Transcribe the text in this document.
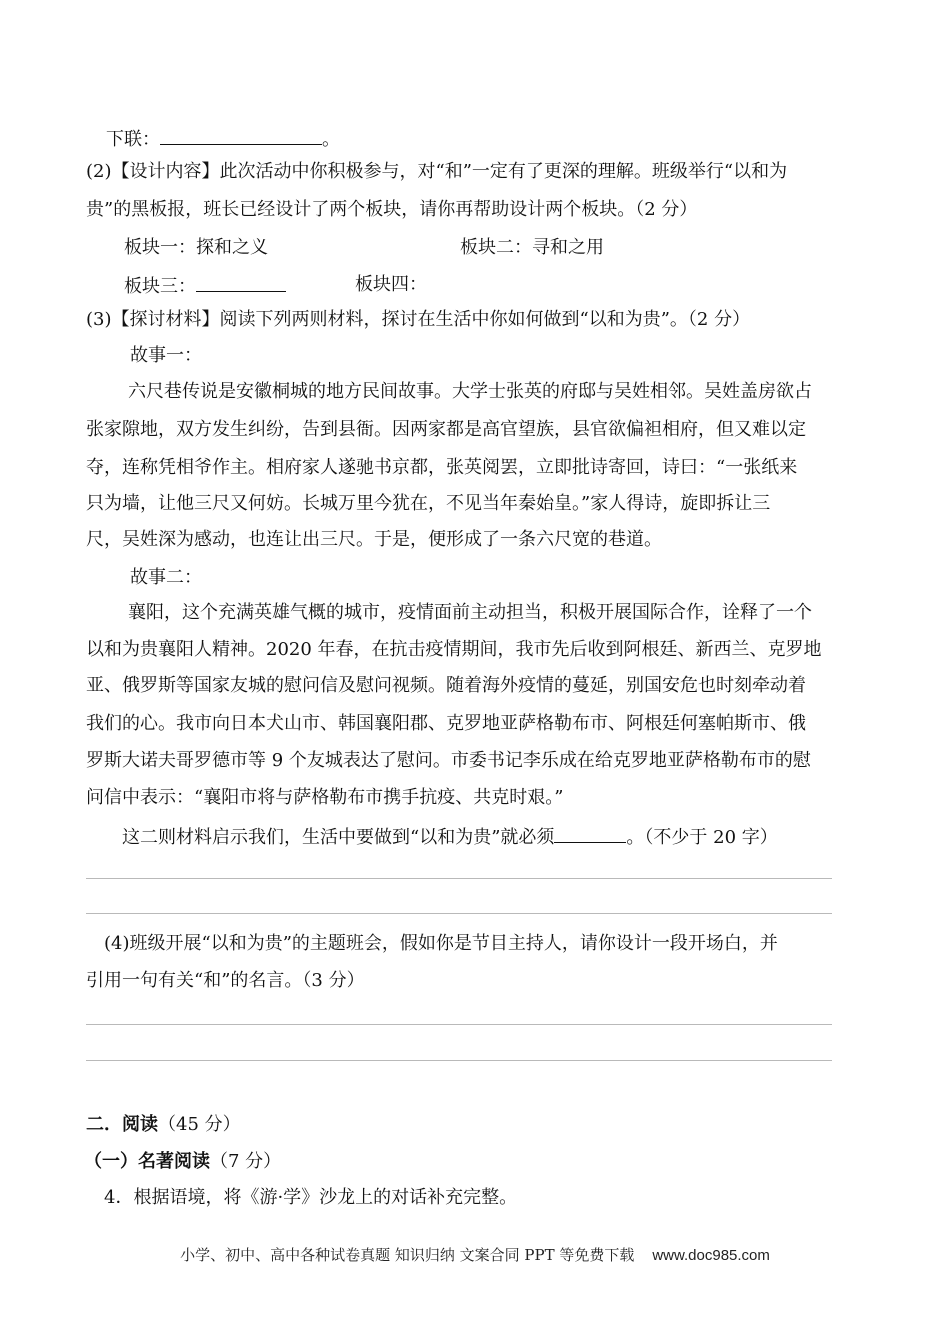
下联：	。
(2)【设计内容】此次活动中你积极参与，对“和”一定有了更深的理解。班级举行“以和为
贵”的黑板报，班长已经设计了两个板块，请你再帮助设计两个板块。（2 分）
板块一：探和之义	板块二：寻和之用
板块三：	板块四：
(3)【探讨材料】阅读下列两则材料，探讨在生活中你如何做到“以和为贵”。（2 分）
故事一：
六尺巷传说是安徽桐城的地方民间故事。大学士张英的府邸与吴姓相邻。吴姓盖房欲占
张家隙地，双方发生纠纷，告到县衙。因两家都是高官望族，县官欲偏袒相府，但又难以定
夺，连称凭相爷作主。相府家人遂驰书京都，张英阅罢，立即批诗寄回，诗曰：“一张纸来
只为墙，让他三尺又何妨。长城万里今犹在，不见当年秦始皇。”家人得诗，旋即拆让三
尺，吴姓深为感动，也连让出三尺。于是，便形成了一条六尺宽的巷道。
故事二：
襄阳，这个充满英雄气概的城市，疫情面前主动担当，积极开展国际合作，诠释了一个
以和为贵襄阳人精神。2020 年春，在抗击疫情期间，我市先后收到阿根廷、新西兰、克罗地
亚、俄罗斯等国家友城的慰问信及慰问视频。随着海外疫情的蔓延，别国安危也时刻牵动着
我们的心。我市向日本犬山市、韩国襄阳郡、克罗地亚萨格勒布市、阿根廷何塞帕斯市、俄
罗斯大诺夫哥罗德市等 9 个友城表达了慰问。市委书记李乐成在给克罗地亚萨格勒布市的慰
问信中表示：“襄阳市将与萨格勒布市携手抗疫、共克时艰。”
这二则材料启示我们，生活中要做到“以和为贵”就必须	。（不少于 20 字）
(4)班级开展“以和为贵”的主题班会，假如你是节目主持人，请你设计一段开场白，并
引用一句有关“和”的名言。（3 分）
二．阅读（45 分）
（一）名著阅读（7 分）
4．根据语境，将《游·学》沙龙上的对话补充完整。
小学、初中、高中各种试卷真题 知识归纳 文案合同 PPT 等免费下载 www.doc985.com
